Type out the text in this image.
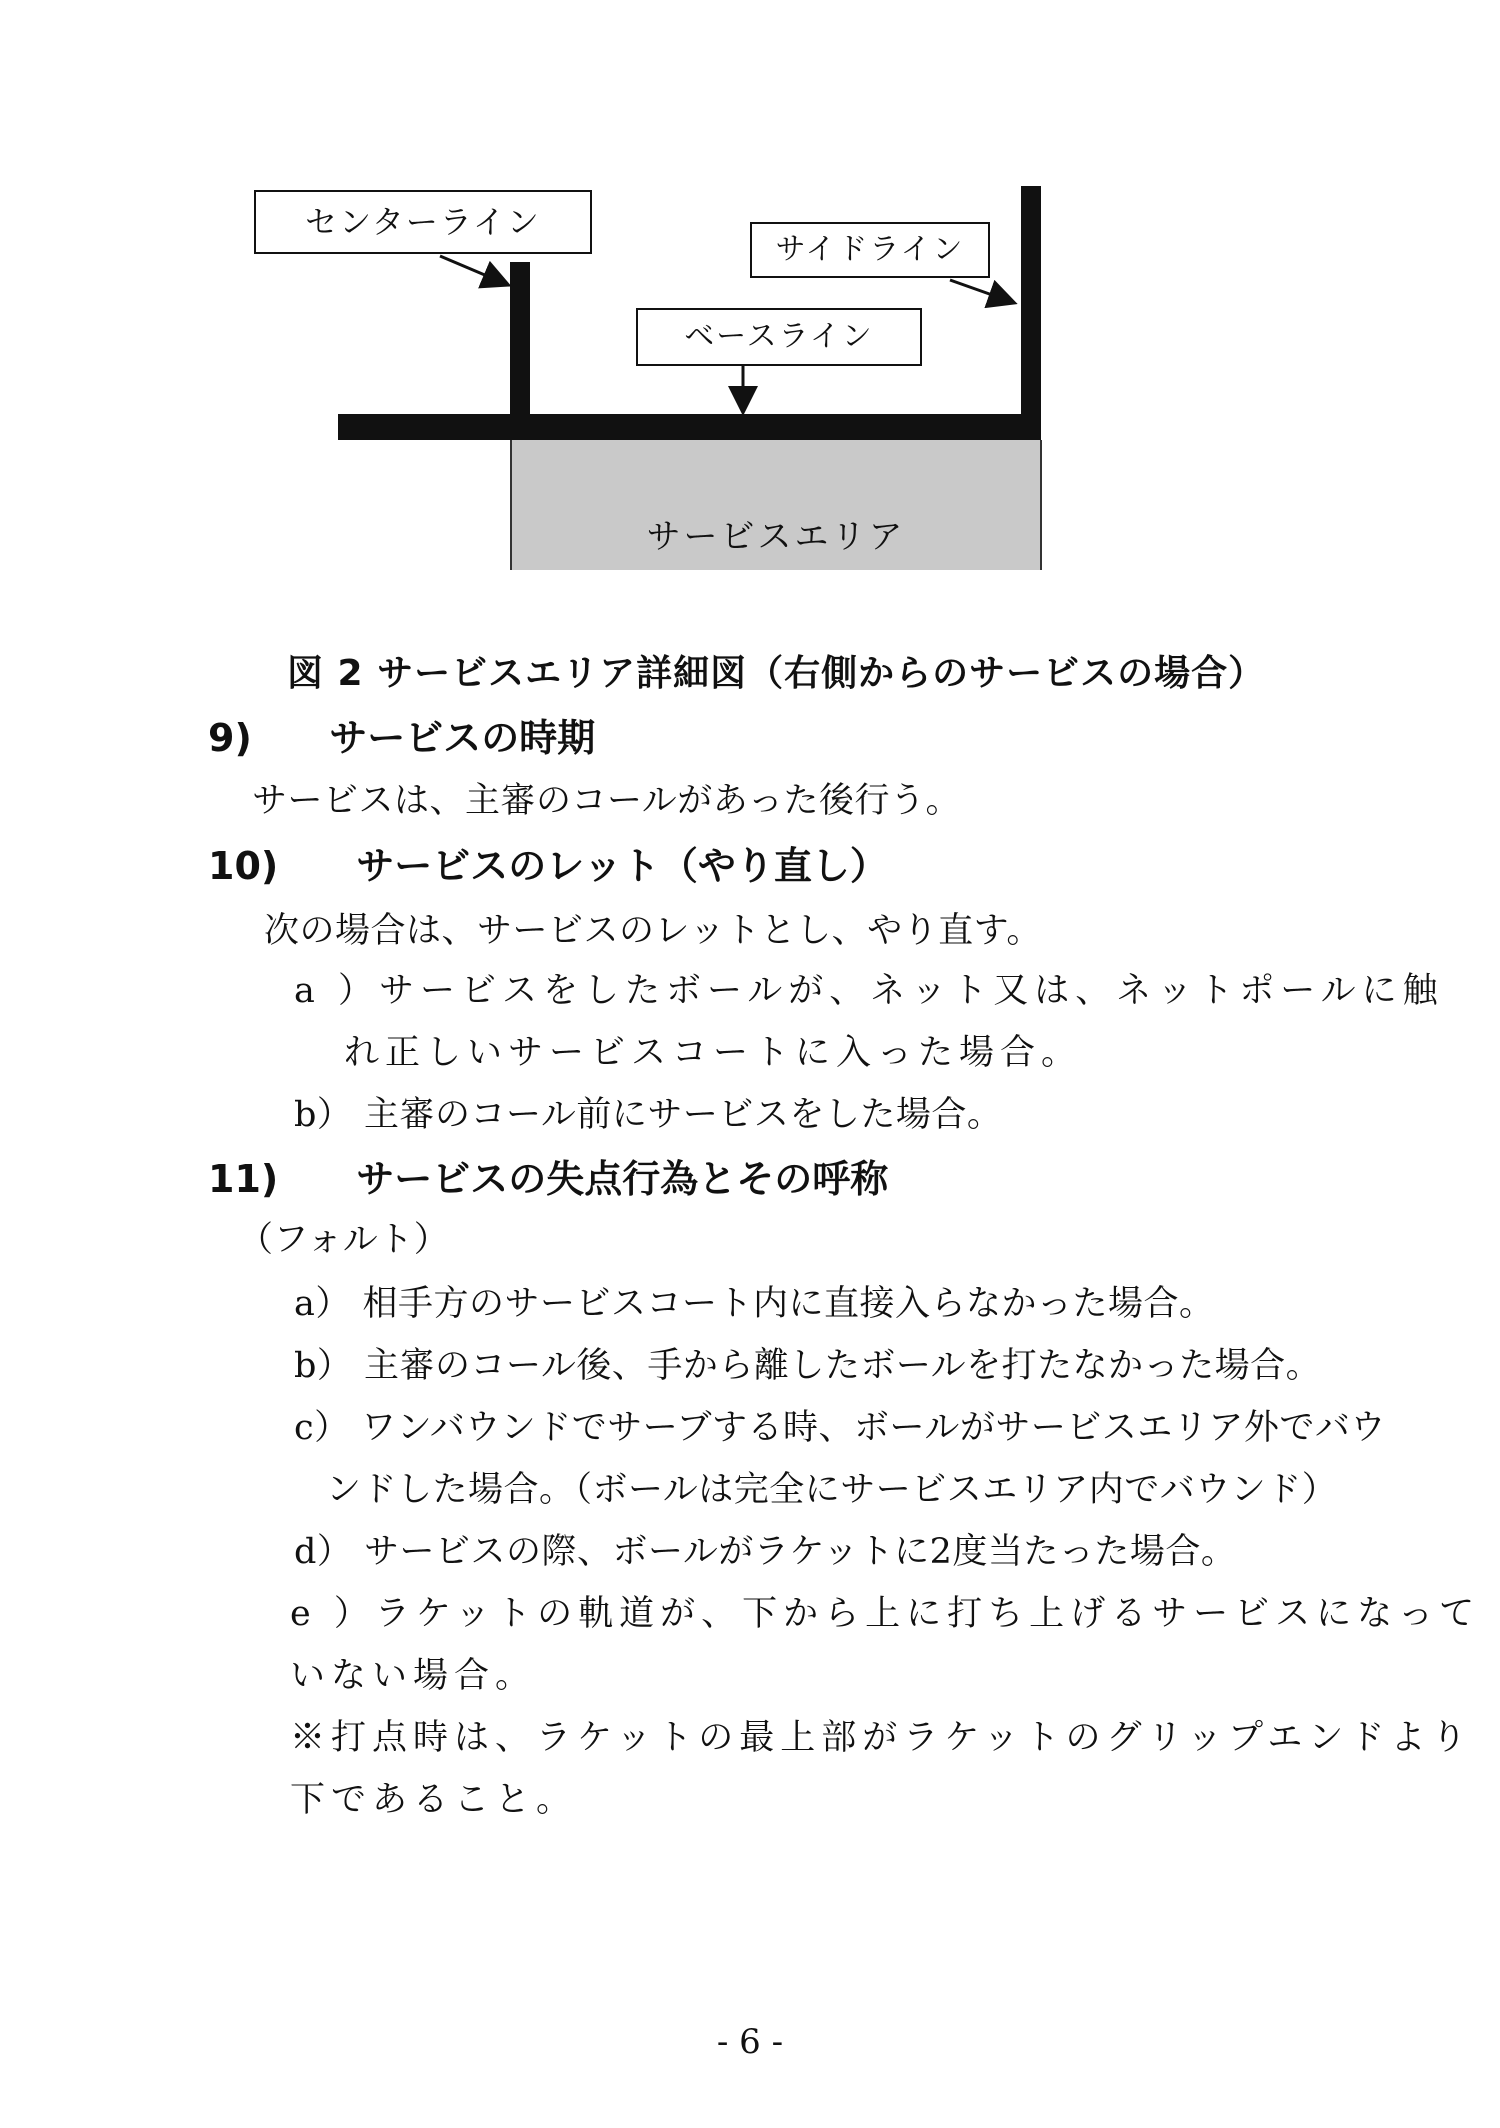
サービスエリア
センターライン
サイドライン
ベースライン
図 2 サービスエリア詳細図（右側からのサービスの場合）
9) サービスの時期
サービスは、主審のコールがあった後行う。
10) サービスのレット（やり直し）
次の場合は、サービスのレットとし、やり直す。
a ）サービスをしたボールが、ネット又は、ネットポールに触
れ正しいサービスコートに入った場合。
b） 主審のコール前にサービスをした場合。
11) サービスの失点行為とその呼称
（フォルト）
a） 相手方のサービスコート内に直接入らなかった場合。
b） 主審のコール後、手から離したボールを打たなかった場合。
c） ワンバウンドでサーブする時、ボールがサービスエリア外でバウ
ンドした場合。（ボールは完全にサービスエリア内でバウンド）
d） サービスの際、ボールがラケットに2度当たった場合。
e ）ラケットの軌道が、下から上に打ち上げるサービスになって
いない場合。
※打点時は、ラケットの最上部がラケットのグリップエンドより
下であること。
- 6 -
